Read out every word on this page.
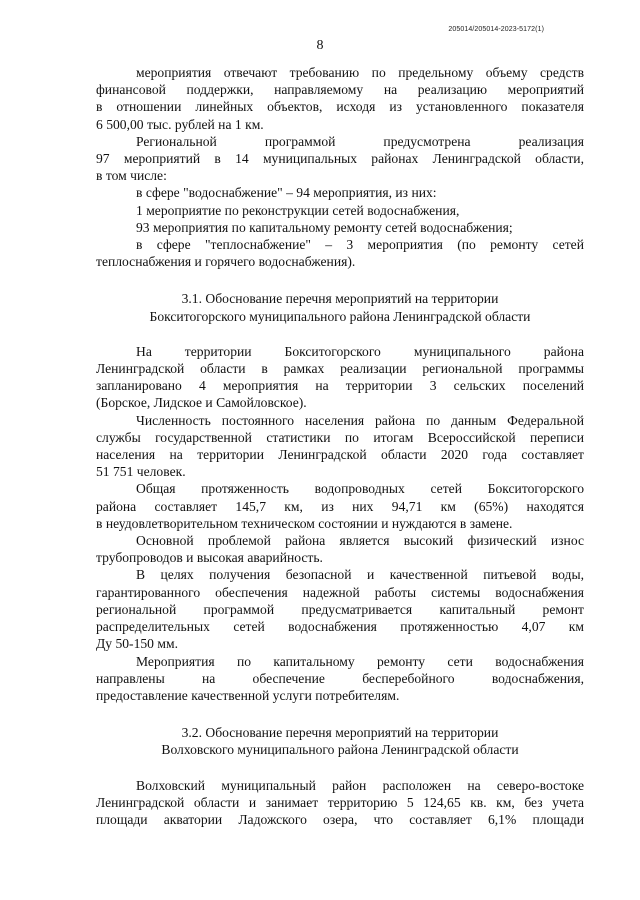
205014/205014-2023-5172(1)
8

мероприятия отвечают требованию по предельному объему средств

финансовой поддержки, направляемому на реализацию мероприятий

в отношении линейных объектов, исходя из установленного показателя

6 500,00 тыс. рублей на 1 км.

Региональной программой предусмотрена реализация

97 мероприятий в 14 муниципальных районах Ленинградской области,

в том числе:

в сфере "водоснабжение" – 94 мероприятия, из них:

1 мероприятие по реконструкции сетей водоснабжения,

93 мероприятия по капитальному ремонту сетей водоснабжения;

в сфере "теплоснабжение" – 3 мероприятия (по ремонту сетей

теплоснабжения и горячего водоснабжения).

3.1. Обоснование перечня мероприятий на территории
Бокситогорского муниципального района Ленинградской области

На территории Бокситогорского муниципального района

Ленинградской области в рамках реализации региональной программы

запланировано 4 мероприятия на территории 3 сельских поселений

(Борское, Лидское и Самойловское).

Численность постоянного населения района по данным Федеральной

службы государственной статистики по итогам Всероссийской переписи

населения на территории Ленинградской области 2020 года составляет

51 751 человек.

Общая протяженность водопроводных сетей Бокситогорского

района составляет 145,7 км, из них 94,71 км (65%) находятся

в неудовлетворительном техническом состоянии и нуждаются в замене.

Основной проблемой района является высокий физический износ

трубопроводов и высокая аварийность.

В целях получения безопасной и качественной питьевой воды,

гарантированного обеспечения надежной работы системы водоснабжения

региональной программой предусматривается капитальный ремонт

распределительных сетей водоснабжения протяженностью 4,07 км

Ду 50-150 мм.

Мероприятия по капитальному ремонту сети водоснабжения

направлены на обеспечение бесперебойного водоснабжения,

предоставление качественной услуги потребителям.

3.2. Обоснование перечня мероприятий на территории
Волховского муниципального района Ленинградской области

Волховский муниципальный район расположен на северо-востоке

Ленинградской области и занимает территорию 5 124,65 кв. км, без учета

площади акватории Ладожского озера, что составляет 6,1% площади
